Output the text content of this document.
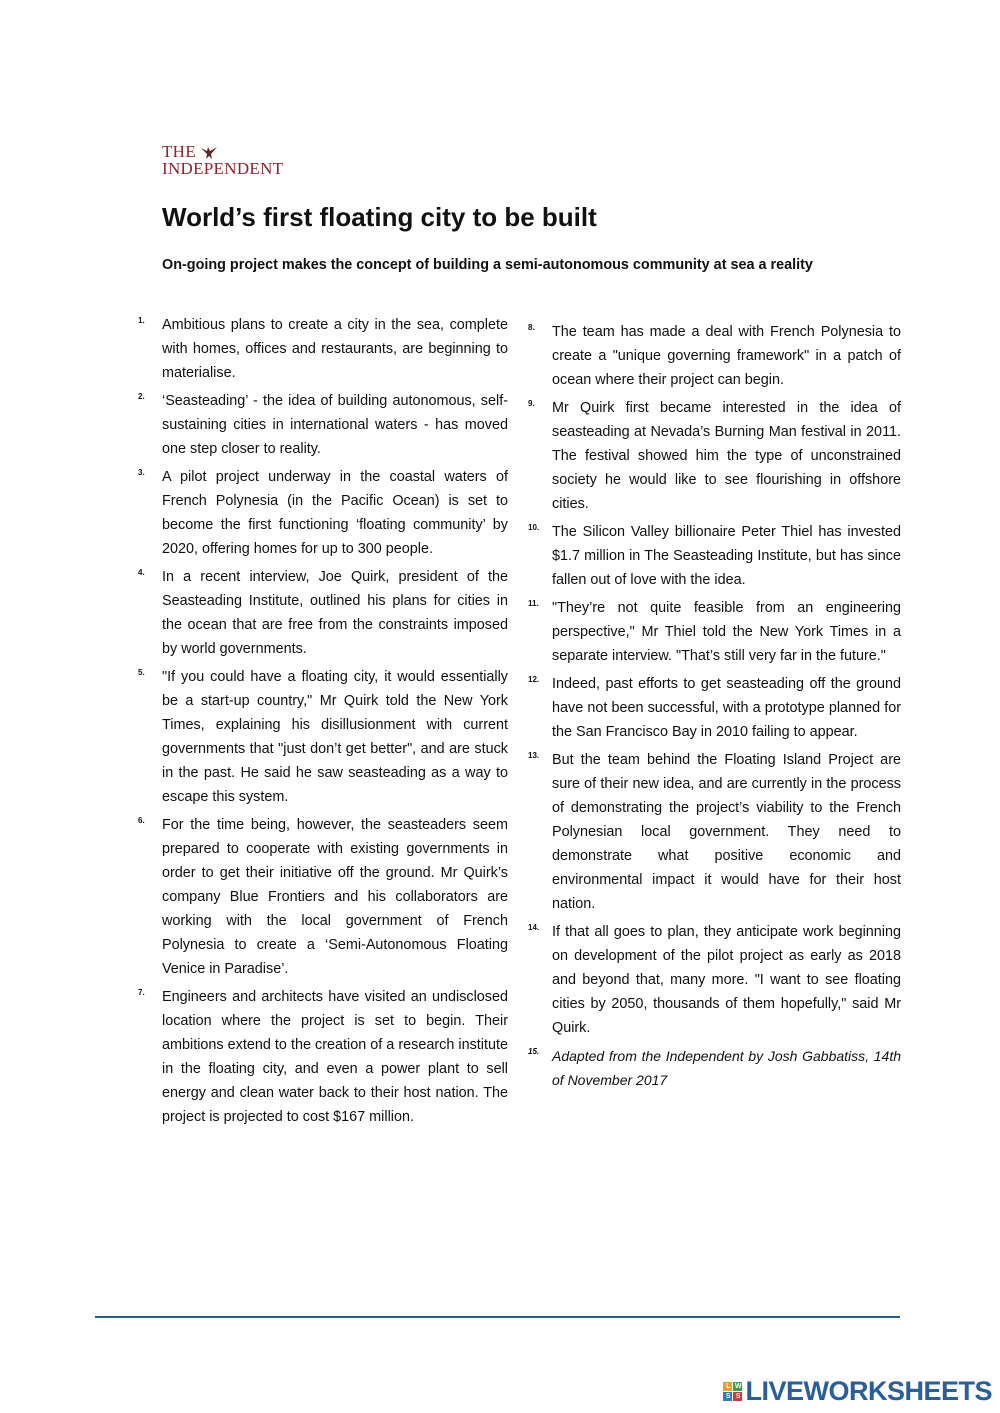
THE
INDEPENDENT
World’s first floating city to be built
On-going project makes the concept of building a semi-autonomous community at sea a reality
1. Ambitious plans to create a city in the sea, complete with homes, offices and restaurants, are beginning to materialise.
2. ‘Seasteading’ - the idea of building autonomous, self-sustaining cities in international waters - has moved one step closer to reality.
3. A pilot project underway in the coastal waters of French Polynesia (in the Pacific Ocean) is set to become the first functioning ‘floating community’ by 2020, offering homes for up to 300 people.
4. In a recent interview, Joe Quirk, president of the Seasteading Institute, outlined his plans for cities in the ocean that are free from the constraints imposed by world governments.
5. "If you could have a floating city, it would essentially be a start-up country," Mr Quirk told the New York Times, explaining his disillusionment with current governments that "just don’t get better", and are stuck in the past. He said he saw seasteading as a way to escape this system.
6. For the time being, however, the seasteaders seem prepared to cooperate with existing governments in order to get their initiative off the ground. Mr Quirk’s company Blue Frontiers and his collaborators are working with the local government of French Polynesia to create a ‘Semi-Autonomous Floating Venice in Paradise’.
7. Engineers and architects have visited an undisclosed location where the project is set to begin. Their ambitions extend to the creation of a research institute in the floating city, and even a power plant to sell energy and clean water back to their host nation. The project is projected to cost $167 million.
8. The team has made a deal with French Polynesia to create a "unique governing framework" in a patch of ocean where their project can begin.
9. Mr Quirk first became interested in the idea of seasteading at Nevada’s Burning Man festival in 2011. The festival showed him the type of unconstrained society he would like to see flourishing in offshore cities.
10. The Silicon Valley billionaire Peter Thiel has invested $1.7 million in The Seasteading Institute, but has since fallen out of love with the idea.
11. "They’re not quite feasible from an engineering perspective," Mr Thiel told the New York Times in a separate interview. "That’s still very far in the future."
12. Indeed, past efforts to get seasteading off the ground have not been successful, with a prototype planned for the San Francisco Bay in 2010 failing to appear.
13. But the team behind the Floating Island Project are sure of their new idea, and are currently in the process of demonstrating the project’s viability to the French Polynesian local government. They need to demonstrate what positive economic and environmental impact it would have for their host nation.
14. If that all goes to plan, they anticipate work beginning on development of the pilot project as early as 2018 and beyond that, many more. "I want to see floating cities by 2050, thousands of them hopefully," said Mr Quirk.
15. Adapted from the Independent by Josh Gabbatiss, 14th of November 2017
L W
S S LIVEWORKSHEETS
